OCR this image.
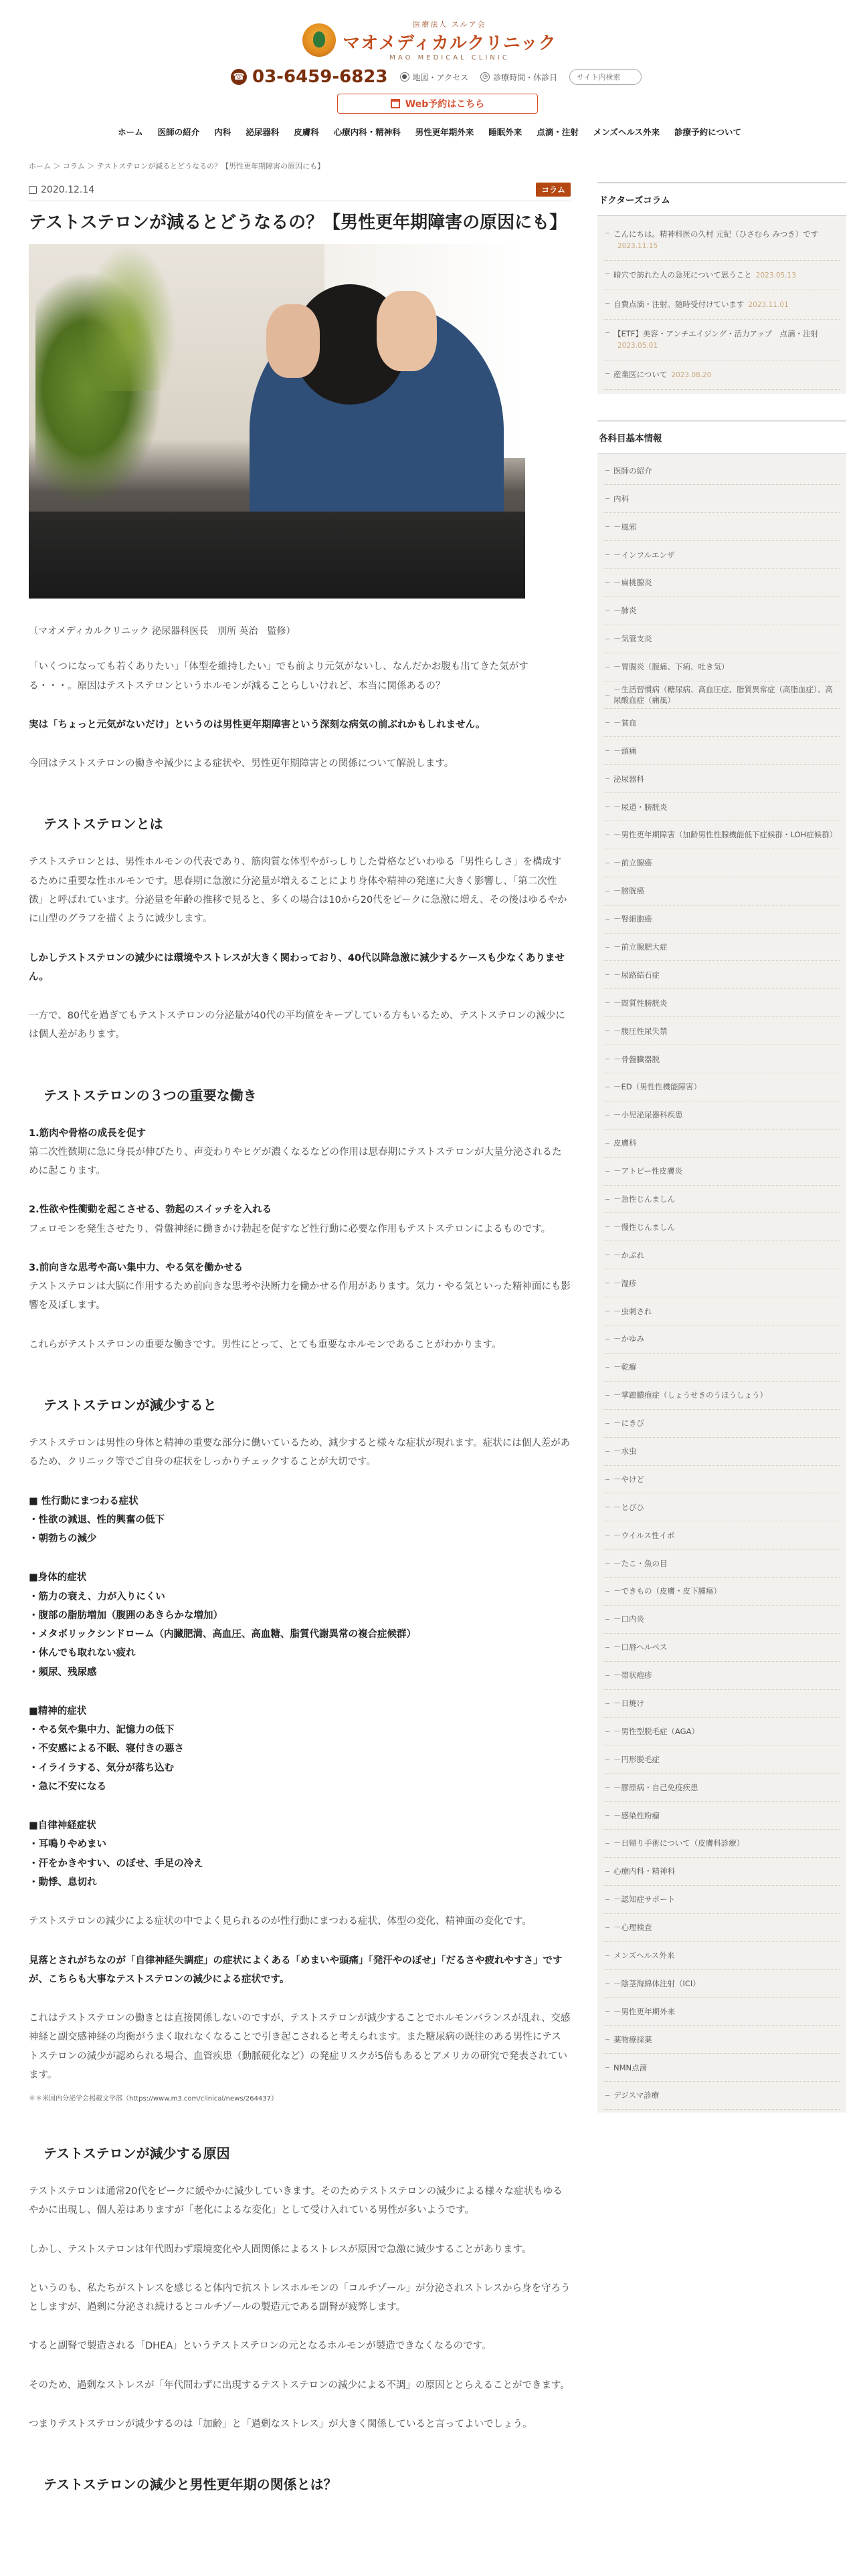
医療法人 スルア会
マオメディカルクリニック
MAO MEDICAL CLINIC
☎ 03-6459-6823	● 地図・アクセス	◷ 診療時間・休診日
サイト内検索
Web予約はこちら
ホーム 医師の紹介 内科 泌尿器科 皮膚科 心療内科・精神科 男性更年期外来 睡眠外来 点滴・注射 メンズヘルス外来 診療予約について
ホーム ＞ コラム ＞ テストステロンが減るとどうなるの？【男性更年期障害の原因にも】
2020.12.14	コラム
テストステロンが減るとどうなるの？【男性更年期障害の原因にも】

（マオメディカルクリニック 泌尿器科医長　別所 英治　監修）

「いくつになっても若くありたい」「体型を維持したい」でも前より元気がないし、なんだかお腹も出てきた気がする・・・。原因はテストステロンというホルモンが減ることらしいけれど、本当に関係あるの？

実は「ちょっと元気がないだけ」というのは男性更年期障害という深刻な病気の前ぶれかもしれません。

今回はテストステロンの働きや減少による症状や、男性更年期障害との関係について解説します。

テストステロンとは

テストステロンとは、男性ホルモンの代表であり、筋肉質な体型やがっしりした骨格などいわゆる「男性らしさ」を構成するために重要な性ホルモンです。思春期に急激に分泌量が増えることにより身体や精神の発達に大きく影響し、「第二次性徴」と呼ばれています。分泌量を年齢の推移で見ると、多くの場合は10から20代をピークに急激に増え、その後はゆるやかに山型のグラフを描くように減少します。

しかしテストステロンの減少には環境やストレスが大きく関わっており、40代以降急激に減少するケースも少なくありません。

一方で、80代を過ぎてもテストステロンの分泌量が40代の平均値をキープしている方もいるため、テストステロンの減少には個人差があります。

テストステロンの３つの重要な働き
1.筋肉や骨格の成長を促す
第二次性徴期に急に身長が伸びたり、声変わりやヒゲが濃くなるなどの作用は思春期にテストステロンが大量分泌されるために起こります。
2.性欲や性衝動を起こさせる、勃起のスイッチを入れる
フェロモンを発生させたり、骨盤神経に働きかけ勃起を促すなど性行動に必要な作用もテストステロンによるものです。
3.前向きな思考や高い集中力、やる気を働かせる
テストステロンは大脳に作用するため前向きな思考や決断力を働かせる作用があります。気力・やる気といった精神面にも影響を及ぼします。

これらがテストステロンの重要な働きです。男性にとって、とても重要なホルモンであることがわかります。

テストステロンが減少すると

テストステロンは男性の身体と精神の重要な部分に働いているため、減少すると様々な症状が現れます。症状には個人差があるため、クリニック等でご自身の症状をしっかりチェックすることが大切です。

■ 性行動にまつわる症状
・性欲の減退、性的興奮の低下
・朝勃ちの減少
■身体的症状
・筋力の衰え、力が入りにくい
・腹部の脂肪増加（腹囲のあきらかな増加）
・メタボリックシンドローム（内臓肥満、高血圧、高血糖、脂質代謝異常の複合症候群）
・休んでも取れない疲れ
・頻尿、残尿感
■精神的症状
・やる気や集中力、記憶力の低下
・不安感による不眠、寝付きの悪さ
・イライラする、気分が落ち込む
・急に不安になる
■自律神経症状
・耳鳴りやめまい
・汗をかきやすい、のぼせ、手足の冷え
・動悸、息切れ

テストステロンの減少による症状の中でよく見られるのが性行動にまつわる症状、体型の変化、精神面の変化です。

見落とされがちなのが「自律神経失調症」の症状によくある「めまいや頭痛」「発汗やのぼせ」「だるさや疲れやすさ」ですが、こちらも大事なテストステロンの減少による症状です。

これはテストステロンの働きとは直接関係しないのですが、テストステロンが減少することでホルモンバランスが乱れ、交感神経と副交感神経の均衡がうまく取れなくなることで引き起こされると考えられます。また糖尿病の既往のある男性にテストステロンの減少が認められる場合、血管疾患（動脈硬化など）の発症リスクが5倍もあるとアメリカの研究で発表されています。

＊＊米国内分泌学会掲載文学部（https://www.m3.com/clinical/news/264437）

テストステロンが減少する原因

テストステロンは通常20代をピークに緩やかに減少していきます。そのためテストステロンの減少による様々な症状もゆるやかに出現し、個人差はありますが「老化によるな変化」として受け入れている男性が多いようです。

しかし、テストステロンは年代問わず環境変化や人間関係によるストレスが原因で急激に減少することがあります。

というのも、私たちがストレスを感じると体内で抗ストレスホルモンの「コルチゾール」が分泌されストレスから身を守ろうとしますが、過剰に分泌され続けるとコルチゾールの製造元である副腎が疲弊します。

すると副腎で製造される「DHEA」というテストステロンの元となるホルモンが製造できなくなるのです。

そのため、過剰なストレスが「年代問わずに出現するテストステロンの減少による不調」の原因ととらえることができます。

つまりテストステロンが減少するのは「加齢」と「過剰なストレス」が大きく関係していると言ってよいでしょう。

テストステロンの減少と男性更年期の関係とは？
ドクターズコラム
こんにちは。精神科医の久村 元紀（ひさむら みつき）です2023.11.15
暗穴で訪れた人の急死について思うこと 2023.05.13
自費点滴・注射。随時受付けています 2023.11.01
【ETF】美容・アンチエイジング・活力アップ　点滴・注射2023.05.01
産業医について 2023.08.20
各科目基本情報
医師の紹介
内科
－風邪
－インフルエンザ
－扁桃腺炎
－肺炎
－気管支炎
－胃腸炎（腹痛、下痢、吐き気）
－生活習慣病（糖尿病、高血圧症、脂質異常症（高脂血症）、高尿酸血症（痛風）
－貧血
－頭痛
泌尿器科
－尿道・膀胱炎
－男性更年期障害（加齢男性性腺機能低下症候群・LOH症候群）
－前立腺癌
－膀胱癌
－腎細胞癌
－前立腺肥大症
－尿路結石症
－間質性膀胱炎
－腹圧性尿失禁
－骨盤臓器脱
－ED（男性性機能障害）
－小児泌尿器科疾患
皮膚科
－アトピー性皮膚炎
－急性じんましん
－慢性じんましん
－かぶれ
－湿疹
－虫刺され
－かゆみ
－乾癬
－掌蹠膿疱症（しょうせきのうほうしょう）
－にきび
－水虫
－やけど
－とびひ
－ウイルス性イボ
－たこ・魚の目
－できもの（皮膚・皮下腫瘍）
－口内炎
－口唇ヘルペス
－帯状疱疹
－日焼け
－男性型脱毛症（AGA）
－円形脱毛症
－膠原病・自己免疫疾患
－感染性粉瘤
－日帰り手術について（皮膚科診療）
心療内科・精神科
－認知症サポート
－心理検査
メンズヘルス外来
－陰茎海綿体注射（ICI）
－男性更年期外来
薬物療採薬
NMN点滴
デジスマ診療
